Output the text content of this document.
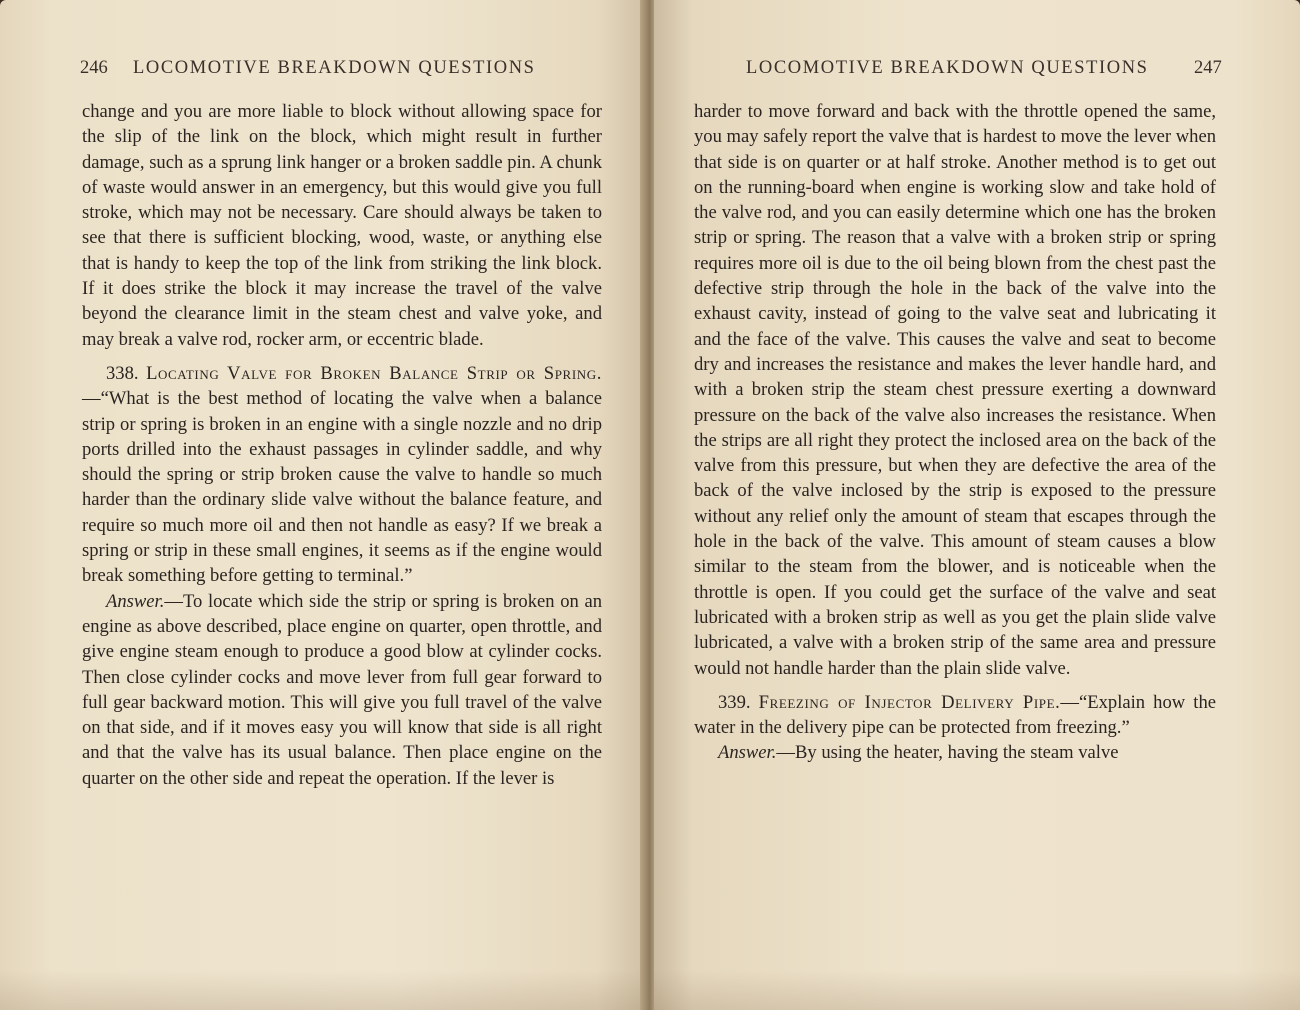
246 LOCOMOTIVE BREAKDOWN QUESTIONS

change and you are more liable to block without allowing space for the slip of the link on the block, which might result in further damage, such as a sprung link hanger or a broken saddle pin. A chunk of waste would answer in an emergency, but this would give you full stroke, which may not be necessary. Care should always be taken to see that there is sufficient blocking, wood, waste, or anything else that is handy to keep the top of the link from striking the link block. If it does strike the block it may increase the travel of the valve beyond the clearance limit in the steam chest and valve yoke, and may break a valve rod, rocker arm, or eccentric blade.

338. Locating Valve for Broken Balance Strip or Spring.—“What is the best method of locating the valve when a balance strip or spring is broken in an engine with a single nozzle and no drip ports drilled into the exhaust passages in cylinder saddle, and why should the spring or strip broken cause the valve to handle so much harder than the ordinary slide valve without the balance feature, and require so much more oil and then not handle as easy? If we break a spring or strip in these small engines, it seems as if the engine would break something before getting to terminal.”

Answer.—To locate which side the strip or spring is broken on an engine as above described, place engine on quarter, open throttle, and give engine steam enough to produce a good blow at cylinder cocks. Then close cylinder cocks and move lever from full gear forward to full gear backward motion. This will give you full travel of the valve on that side, and if it moves easy you will know that side is all right and that the valve has its usual balance. Then place engine on the quarter on the other side and repeat the operation. If the lever is

LOCOMOTIVE BREAKDOWN QUESTIONS 247

harder to move forward and back with the throttle opened the same, you may safely report the valve that is hardest to move the lever when that side is on quarter or at half stroke. Another method is to get out on the running-board when engine is working slow and take hold of the valve rod, and you can easily determine which one has the broken strip or spring. The reason that a valve with a broken strip or spring requires more oil is due to the oil being blown from the chest past the defective strip through the hole in the back of the valve into the exhaust cavity, instead of going to the valve seat and lubricating it and the face of the valve. This causes the valve and seat to become dry and increases the resistance and makes the lever handle hard, and with a broken strip the steam chest pressure exerting a downward pressure on the back of the valve also increases the resistance. When the strips are all right they protect the inclosed area on the back of the valve from this pressure, but when they are defective the area of the back of the valve inclosed by the strip is exposed to the pressure without any relief only the amount of steam that escapes through the hole in the back of the valve. This amount of steam causes a blow similar to the steam from the blower, and is noticeable when the throttle is open. If you could get the surface of the valve and seat lubricated with a broken strip as well as you get the plain slide valve lubricated, a valve with a broken strip of the same area and pressure would not handle harder than the plain slide valve.

339. Freezing of Injector Delivery Pipe.—“Explain how the water in the delivery pipe can be protected from freezing.”

Answer.—By using the heater, having the steam valve
